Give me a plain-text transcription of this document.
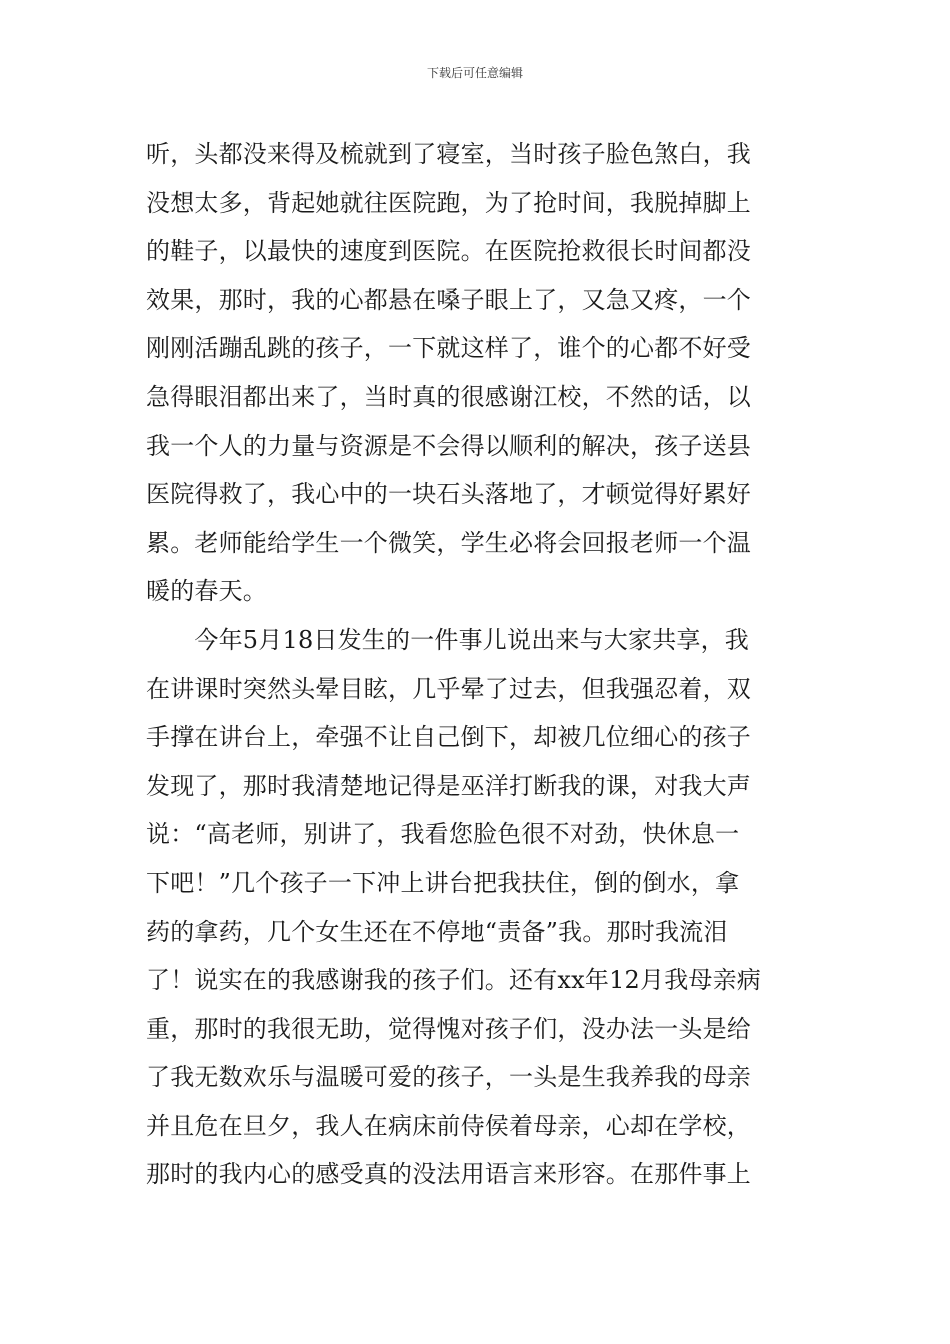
下载后可任意编辑
听，头都没来得及梳就到了寝室，当时孩子脸色煞白，我
没想太多，背起她就往医院跑，为了抢时间，我脱掉脚上
的鞋子，以最快的速度到医院。在医院抢救很长时间都没
效果，那时，我的心都悬在嗓子眼上了，又急又疼，一个
刚刚活蹦乱跳的孩子，一下就这样了，谁个的心都不好受
急得眼泪都出来了，当时真的很感谢江校，不然的话，以
我一个人的力量与资源是不会得以顺利的解决，孩子送县
医院得救了，我心中的一块石头落地了，才顿觉得好累好
累。老师能给学生一个微笑，学生必将会回报老师一个温
暖的春天。
　　今年5月18日发生的一件事儿说出来与大家共享，我
在讲课时突然头晕目眩，几乎晕了过去，但我强忍着，双
手撑在讲台上，牵强不让自己倒下，却被几位细心的孩子
发现了，那时我清楚地记得是巫洋打断我的课，对我大声
说：“高老师，别讲了，我看您脸色很不对劲，快休息一
下吧！”几个孩子一下冲上讲台把我扶住，倒的倒水，拿
药的拿药，几个女生还在不停地“责备”我。那时我流泪
了！说实在的我感谢我的孩子们。还有xx年12月我母亲病
重，那时的我很无助，觉得愧对孩子们，没办法一头是给
了我无数欢乐与温暖可爱的孩子，一头是生我养我的母亲
并且危在旦夕，我人在病床前侍侯着母亲，心却在学校，
那时的我内心的感受真的没法用语言来形容。在那件事上
